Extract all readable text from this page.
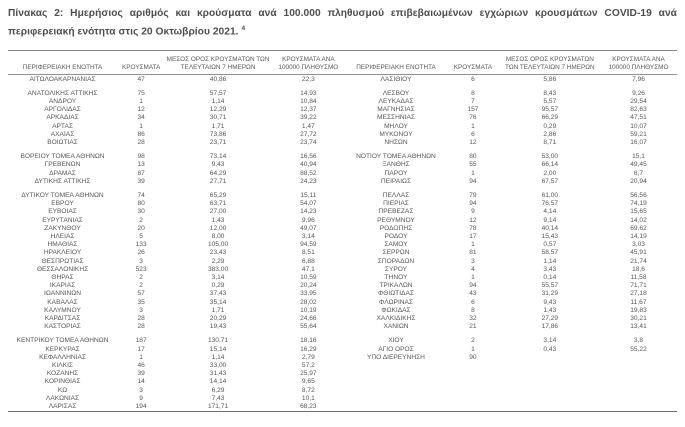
Πίνακας 2: Ημερήσιος αριθμός και κρούσματα ανά 100.000 πληθυσμού επιβεβαιωμένων εγχώριων κρουσμάτων COVID-19 ανά περιφερειακή ενότητα στις 20 Οκτωβρίου 2021. $^4$

ΠΕΡΙΦΕΡΕΙΑΚΗ ΕΝΟΤΗΤΑ	ΚΡΟΥΣΜΑΤΑ	ΜΕΣΟΣ ΟΡΟΣ ΚΡΟΥΣΜΑΤΩΝ ΤΩΝ ΤΕΛΕΥΤΑΙΩΝ 7 ΗΜΕΡΩΝ	ΚΡΟΥΣΜΑΤΑ ΑΝΑ 100000 ΠΛΗΘΥΣΜΟ	ΠΕΡΙΦΕΡΕΙΑΚΗ ΕΝΟΤΗΤΑ	ΚΡΟΥΣΜΑΤΑ	ΜΕΣΟΣ ΟΡΟΣ ΚΡΟΥΣΜΑΤΩΝ ΤΩΝ ΤΕΛΕΥΤΑΙΩΝ 7 ΗΜΕΡΩΝ	ΚΡΟΥΣΜΑΤΑ ΑΝΑ 100000 ΠΛΗΘΥΣΜΟ
ΑΙΤΩΛΟΑΚΑΡΝΑΝΙΑΣ	47	40,86	22,3	ΛΑΣΙΘΙΟΥ	6	5,86	7,96

ΑΝΑΤΟΛΙΚΗΣ ΑΤΤΙΚΗΣ	75	57,57	14,93	ΛΕΣΒΟΥ	8	8,43	9,26
ΑΝΔΡΟΥ	1	1,14	10,84	ΛΕΥΚΑΔΑΣ	7	5,57	29,54
ΑΡΓΟΛΙΔΑΣ	12	12,29	12,37	ΜΑΓΝΗΣΙΑΣ	157	95,57	82,63
ΑΡΚΑΔΙΑΣ	34	30,71	39,22	ΜΕΣΣΗΝΙΑΣ	76	66,29	47,51
ΑΡΤΑΣ	1	1,71	1,47	ΜΗΛΟΥ	1	0,29	10,07
ΑΧΑΪΑΣ	86	73,86	27,72	ΜΥΚΟΝΟΥ	6	2,86	59,21
ΒΟΙΩΤΙΑΣ	28	23,71	23,74	ΝΗΣΩΝ	12	8,71	16,07

ΒΟΡΕΙΟΥ ΤΟΜΕΑ ΑΘΗΝΩΝ	98	73,14	16,56	ΝΟΤΙΟΥ ΤΟΜΕΑ ΑΘΗΝΩΝ	80	53,00	15,1
ΓΡΕΒΕΝΩΝ	13	9,43	40,94	ΞΑΝΘΗΣ	55	66,14	49,45
ΔΡΑΜΑΣ	87	64,29	88,52	ΠΑΡΟΥ	1	2,00	6,7
ΔΥΤΙΚΗΣ ΑΤΤΙΚΗΣ	39	27,71	24,23	ΠΕΙΡΑΙΩΣ	94	67,57	20,94

ΔΥΤΙΚΟΥ ΤΟΜΕΑ ΑΘΗΝΩΝ	74	65,29	15,11	ΠΕΛΛΑΣ	79	61,00	56,56
ΕΒΡΟΥ	80	63,71	54,07	ΠΙΕΡΙΑΣ	94	76,57	74,19
ΕΥΒΟΙΑΣ	30	27,00	14,23	ΠΡΕΒΕΖΑΣ	9	4,14	15,65
ΕΥΡΥΤΑΝΙΑΣ	2	1,43	9,96	ΡΕΘΥΜΝΟΥ	12	9,14	14,02
ΖΑΚΥΝΘΟΥ	20	12,00	49,07	ΡΟΔΟΠΗΣ	78	40,14	69,62
ΗΛΕΙΑΣ	5	8,00	3,14	ΡΟΔΟΥ	17	15,43	14,19
ΗΜΑΘΙΑΣ	133	105,00	94,59	ΣΑΜΟΥ	1	0,57	3,03
ΗΡΑΚΛΕΙΟΥ	26	23,43	8,51	ΣΕΡΡΩΝ	81	58,57	45,91
ΘΕΣΠΡΩΤΙΑΣ	3	2,29	6,88	ΣΠΟΡΑΔΩΝ	3	1,14	21,74
ΘΕΣΣΑΛΟΝΙΚΗΣ	523	383,00	47,1	ΣΥΡΟΥ	4	3,43	18,6
ΘΗΡΑΣ	2	3,14	10,59	ΤΗΝΟΥ	1	0,14	11,58
ΙΚΑΡΙΑΣ	2	0,29	20,24	ΤΡΙΚΑΛΩΝ	94	55,57	71,71
ΙΩΑΝΝΙΝΩΝ	57	37,43	33,95	ΦΘΙΩΤΙΔΑΣ	43	31,29	27,18
ΚΑΒΑΛΑΣ	35	35,14	28,02	ΦΛΩΡΙΝΑΣ	6	9,43	11,67
ΚΑΛΥΜΝΟΥ	3	1,71	10,19	ΦΩΚΙΔΑΣ	8	1,43	19,83
ΚΑΡΔΙΤΣΑΣ	28	20,29	24,66	ΧΑΛΚΙΔΙΚΗΣ	32	27,29	30,21
ΚΑΣΤΟΡΙΑΣ	28	19,43	55,64	ΧΑΝΙΩΝ	21	17,86	13,41

ΚΕΝΤΡΙΚΟΥ ΤΟΜΕΑ ΑΘΗΝΩΝ	187	130,71	18,16	ΧΙΟΥ	2	3,14	3,8
ΚΕΡΚΥΡΑΣ	17	15,14	16,29	ΑΓΙΟ ΟΡΟΣ	1	0,43	55,22
ΚΕΦΑΛΛΗΝΙΑΣ	1	1,14	2,79	ΥΠΟ ΔΙΕΡΕΥΝΗΣΗ	90		
ΚΙΛΚΙΣ	46	33,00	57,2				
ΚΟΖΑΝΗΣ	39	31,43	25,97				
ΚΟΡΙΝΘΙΑΣ	14	14,14	9,65				
ΚΩ	3	6,29	8,72				
ΛΑΚΩΝΙΑΣ	9	7,43	10,1				
ΛΑΡΙΣΑΣ	194	171,71	68,23				
